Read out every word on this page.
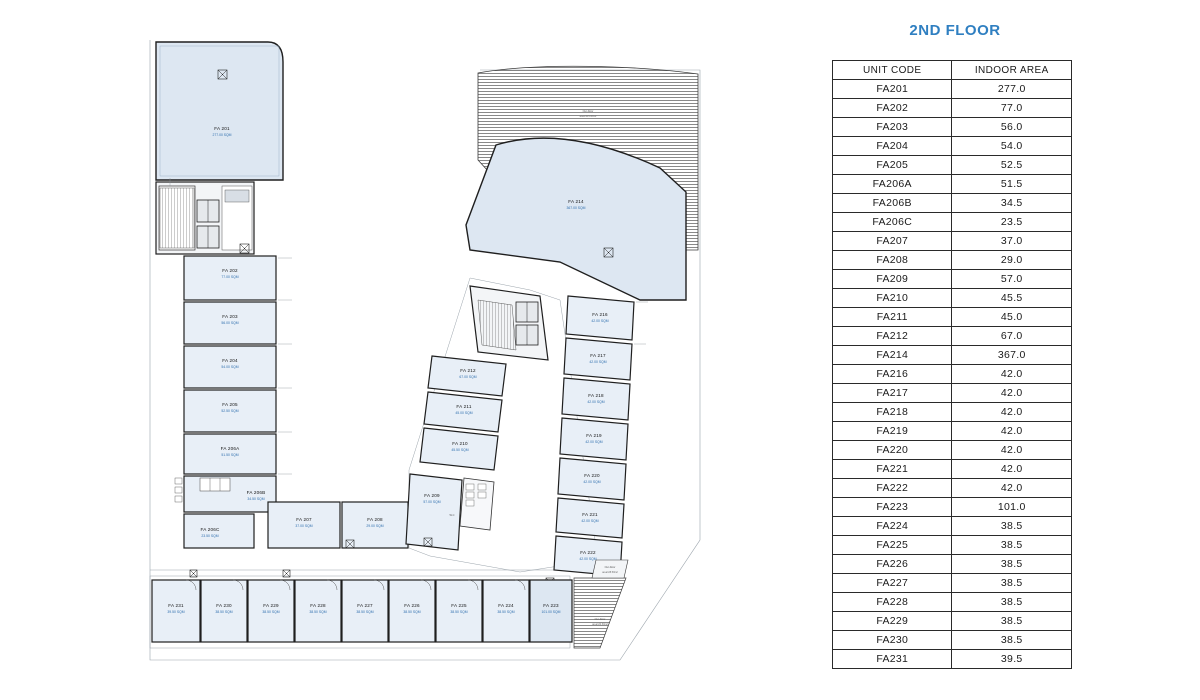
2ND FLOOR
Out-Door
area=115.00m2
FA 201
277.00 SQM
FA 202
77.00 SQM
FA 203
56.00 SQM
FA 204
54.00 SQM
FA 205
52.50 SQM
FA 206A
51.50 SQM
FA 206B
34.50 SQM
FA 206C
23.50 SQM
FA 207
37.00 SQM
FA 208
29.00 SQM
FA 214
367.00 SQM
FA 212
67.00 SQM
FA 211
45.00 SQM
FA 210
45.50 SQM
FA 209
57.00 SQM
W.C
FA 216
42.00 SQM
FA 217
42.00 SQM
FA 218
42.00 SQM
FA 219
42.00 SQM
FA 220
42.00 SQM
FA 221
42.00 SQM
FA 222
42.00 SQM
FA 231
39.50 SQM
FA 230
38.50 SQM
FA 229
38.50 SQM
FA 228
38.50 SQM
FA 227
38.50 SQM
FA 226
38.50 SQM
FA 225
38.50 SQM
FA 224
38.50 SQM
FA 223
101.00 SQM
Out-Door
area=20.50m2
Out-Door
area=28.50m2
UNIT CODE	INDOOR AREA
FA201	277.0
FA202	77.0
FA203	56.0
FA204	54.0
FA205	52.5
FA206A	51.5
FA206B	34.5
FA206C	23.5
FA207	37.0
FA208	29.0
FA209	57.0
FA210	45.5
FA211	45.0
FA212	67.0
FA214	367.0
FA216	42.0
FA217	42.0
FA218	42.0
FA219	42.0
FA220	42.0
FA221	42.0
FA222	42.0
FA223	101.0
FA224	38.5
FA225	38.5
FA226	38.5
FA227	38.5
FA228	38.5
FA229	38.5
FA230	38.5
FA231	39.5
